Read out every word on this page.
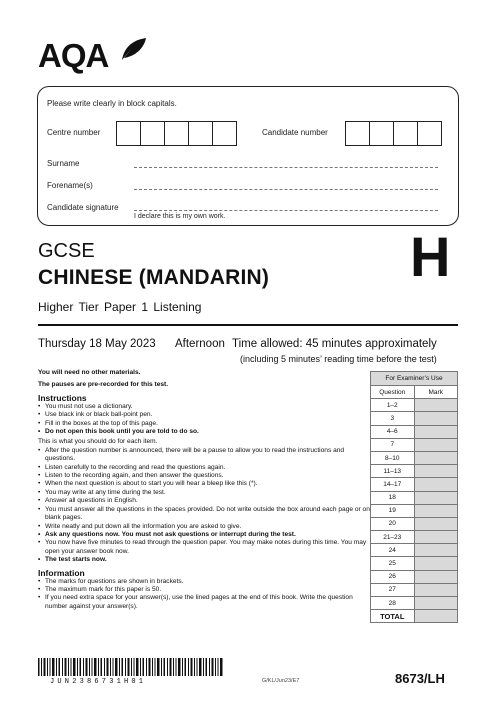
AQA
Please write clearly in block capitals.
Centre number	Candidate number
Surname
Forename(s)
Candidate signature
I declare this is my own work.
GCSE
CHINESE (MANDARIN)
Higher Tier Paper 1 Listening
H
Thursday 18 May 2023 Afternoon Time allowed: 45 minutes approximately
(including 5 minutes’ reading time before the test)

You will need no other materials.

The pauses are pre-recorded for this test.

Instructions

• You must not use a dictionary.
• Use black ink or black ball-point pen.
• Fill in the boxes at the top of this page.
• Do not open this book until you are told to do so.

This is what you should do for each item.

• After the question number is announced, there will be a pause to allow you to read the instructions and questions.
• Listen carefully to the recording and read the questions again.
• Listen to the recording again, and then answer the questions.
• When the next question is about to start you will hear a bleep like this (*).
• You may write at any time during the test.
• Answer all questions in English.
• You must answer all the questions in the spaces provided. Do not write outside the box around each page or on blank pages.
• Write neatly and put down all the information you are asked to give.
• Ask any questions now. You must not ask questions or interrupt during the test.
• You now have five minutes to read through the question paper. You may make notes during this time. You may open your answer book now.
• The test starts now.

Information

• The marks for questions are shown in brackets.
• The maximum mark for this paper is 50.
• If you need extra space for your answer(s), use the lined pages at the end of this book. Write the question number against your answer(s).
For Examiner’s Use	
Question	Mark
1–2	
3	
4–6	
7	
8–10	
11–13	
14–17	
18	
19	
20	
21–23	
24	
25	
26	
27	
28	
TOTAL	
JUN2386731H01	G/KL/Jun23/E7	8673/LH
